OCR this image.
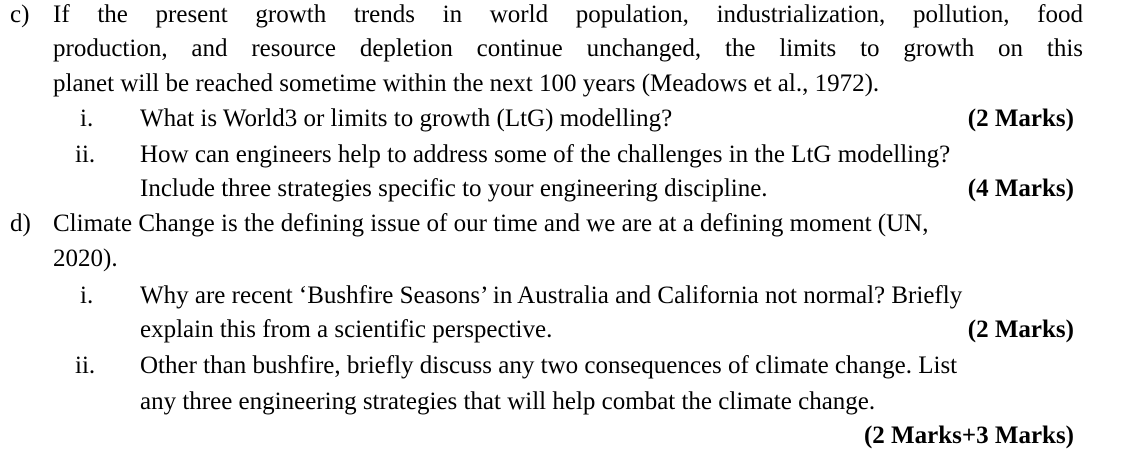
c) If the present growth trends in world population, industrialization, pollution, food
production, and resource depletion continue unchanged, the limits to growth on this
planet will be reached sometime within the next 100 years (Meadows et al., 1972).
i. What is World3 or limits to growth (LtG) modelling?	(2 Marks)
ii. How can engineers help to address some of the challenges in the LtG modelling?
Include three strategies specific to your engineering discipline.	(4 Marks)
d) Climate Change is the defining issue of our time and we are at a defining moment (UN,
2020).
i. Why are recent ‘Bushfire Seasons’ in Australia and California not normal? Briefly
explain this from a scientific perspective.	(2 Marks)
ii. Other than bushfire, briefly discuss any two consequences of climate change. List
any three engineering strategies that will help combat the climate change.
(2 Marks+3 Marks)
